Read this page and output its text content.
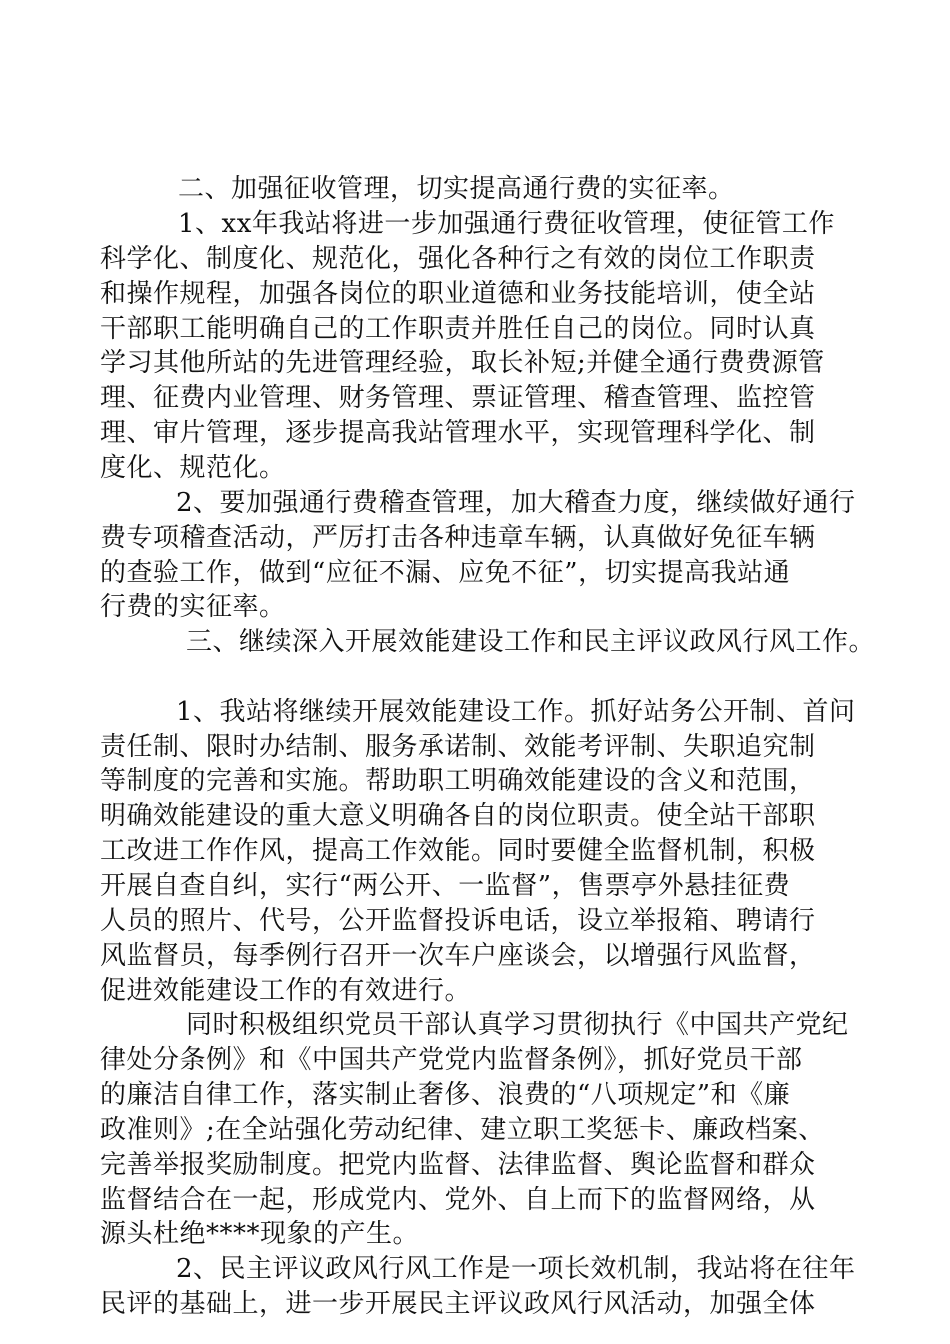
二、加强征收管理，切实提高通行费的实征率。
1、xx年我站将进一步加强通行费征收管理，使征管工作
科学化、制度化、规范化，强化各种行之有效的岗位工作职责
和操作规程，加强各岗位的职业道德和业务技能培训，使全站
干部职工能明确自己的工作职责并胜任自己的岗位。同时认真
学习其他所站的先进管理经验，取长补短;并健全通行费费源管
理、征费内业管理、财务管理、票证管理、稽查管理、监控管
理、审片管理，逐步提高我站管理水平，实现管理科学化、制
度化、规范化。
2、要加强通行费稽查管理，加大稽查力度，继续做好通行
费专项稽查活动，严厉打击各种违章车辆，认真做好免征车辆
的查验工作，做到“应征不漏、应免不征”，切实提高我站通
行费的实征率。
三、继续深入开展效能建设工作和民主评议政风行风工作。
1、我站将继续开展效能建设工作。抓好站务公开制、首问
责任制、限时办结制、服务承诺制、效能考评制、失职追究制
等制度的完善和实施。帮助职工明确效能建设的含义和范围，
明确效能建设的重大意义明确各自的岗位职责。使全站干部职
工改进工作作风，提高工作效能。同时要健全监督机制，积极
开展自查自纠，实行“两公开、一监督”，售票亭外悬挂征费
人员的照片、代号，公开监督投诉电话，设立举报箱、聘请行
风监督员，每季例行召开一次车户座谈会，以增强行风监督，
促进效能建设工作的有效进行。
同时积极组织党员干部认真学习贯彻执行《中国共产党纪
律处分条例》和《中国共产党党内监督条例》，抓好党员干部
的廉洁自律工作，落实制止奢侈、浪费的“八项规定”和《廉
政准则》;在全站强化劳动纪律、建立职工奖惩卡、廉政档案、
完善举报奖励制度。把党内监督、法律监督、舆论监督和群众
监督结合在一起，形成党内、党外、自上而下的监督网络，从
源头杜绝****现象的产生。
2、民主评议政风行风工作是一项长效机制，我站将在往年
民评的基础上，进一步开展民主评议政风行风活动，加强全体
